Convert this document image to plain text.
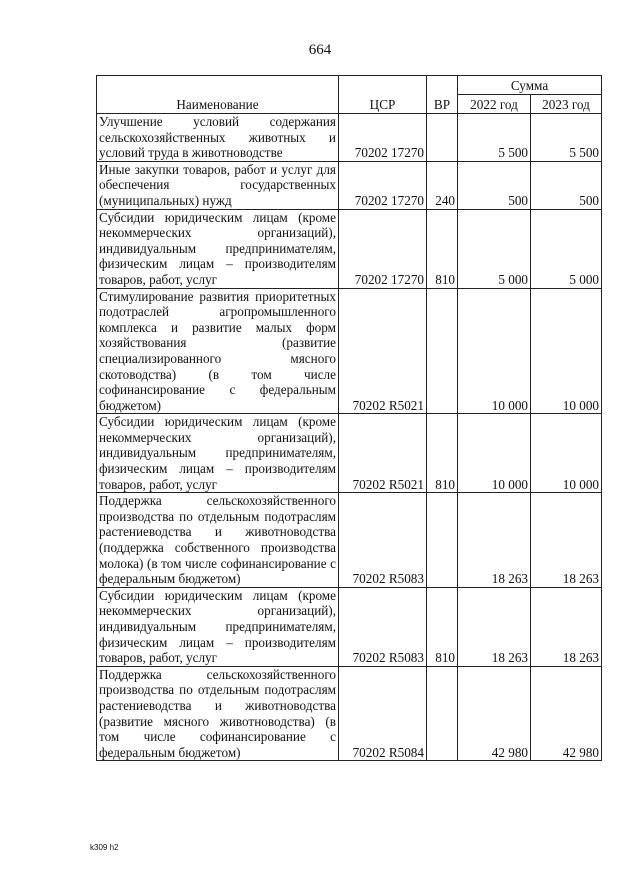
664
Наименование	ЦСР	ВР	Сумма	
			2022 год	2023 год
Улучшение условий содержания сельскохозяйственных животных и условий труда в животноводстве	70202 17270		5 500	5 500
Иные закупки товаров, работ и услуг для обеспечения государственных (муниципальных) нужд	70202 17270	240	500	500
Субсидии юридическим лицам (кроме некоммерческих организаций), индивидуальным предпринимателям, физическим лицам – производителям товаров, работ, услуг	70202 17270	810	5 000	5 000
Стимулирование развития приоритетных подотраслей агропромышленного комплекса и развитие малых форм хозяйствования (развитие специализированного мясного скотоводства) (в том числе софинансирование с федеральным бюджетом)	70202 R5021		10 000	10 000
Субсидии юридическим лицам (кроме некоммерческих организаций), индивидуальным предпринимателям, физическим лицам – производителям товаров, работ, услуг	70202 R5021	810	10 000	10 000
Поддержка сельскохозяйственного производства по отдельным подотраслям растениеводства и животноводства (поддержка собственного производства молока) (в том числе софинансирование с федеральным бюджетом)	70202 R5083		18 263	18 263
Субсидии юридическим лицам (кроме некоммерческих организаций), индивидуальным предпринимателям, физическим лицам – производителям товаров, работ, услуг	70202 R5083	810	18 263	18 263
Поддержка сельскохозяйственного производства по отдельным подотраслям растениеводства и животноводства (развитие мясного животноводства) (в том числе софинансирование с федеральным бюджетом)	70202 R5084		42 980	42 980
k309 h2
